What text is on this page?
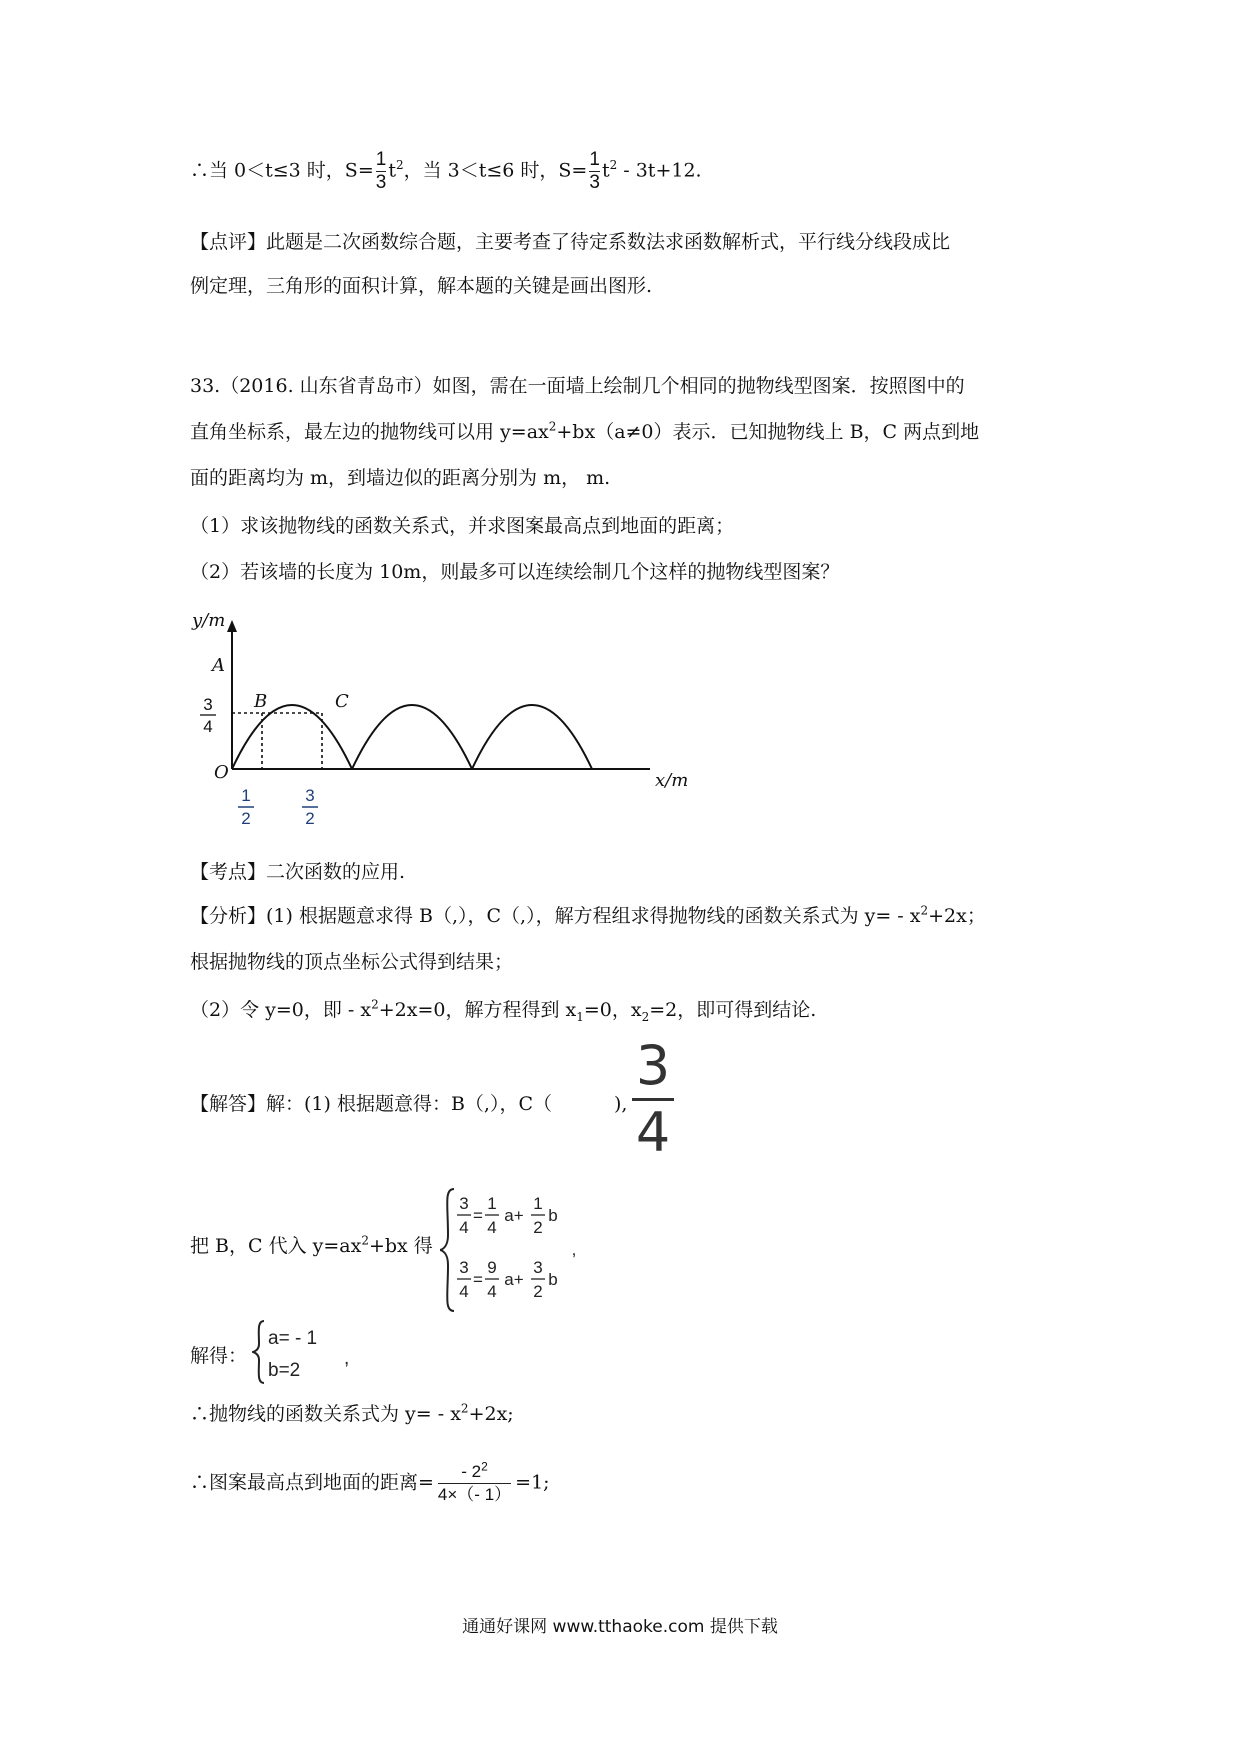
∴当 0＜t≤3 时，$S= \frac{1}{3} t^2$，当 3＜t≤6 时，$S= \frac{1}{3} t^2 - 3t+12$.
【点评】此题是二次函数综合题，主要考查了待定系数法求函数解析式，平行线分线段成比
例定理，三角形的面积计算，解本题的关键是画出图形.
33.（2016. 山东省青岛市）如图，需在一面墙上绘制几个相同的抛物线型图案．按照图中的
直角坐标系，最左边的抛物线可以用 $y=ax^2+bx(a\ne 0)$表示．已知抛物线上 B，C 两点到地
面的距离均为 m，到墙边似的距离分别为 m， m.
（1）求该抛物线的函数关系式，并求图案最高点到地面的距离；
（2）若该墙的长度为 10m，则最多可以连续绘制几个这样的抛物线型图案？
y/m
x/m
O
A
B	C
3
4
1
2
3
2
【考点】二次函数的应用.
【分析】(1) 根据题意求得 B（,），C（,），解方程组求得抛物线的函数关系式为 $y= - x^2+2x$；
根据抛物线的顶点坐标公式得到结果；
（2）令 y=0，即 - $x^2+2x=0$，解方程得到 $x_1=0$，$x_2=2$，即可得到结论.
【解答】解：(1) 根据题意得：B（,），C（	),
3
4
把 B，C 代入 $y=ax^2+bx$ 得
3
4
=
1
4
a+
1
2
b
3
4
=
9
4
a+
3
2
b
,
解得：
a= - 1
b=2
,
∴抛物线的函数关系式为 $y= - x^2+2x$;
∴图案最高点到地面的距离= $\frac{- 2^2}{4\times(- 1)} =1$;
通通好课网 www.tthaoke.com 提供下载
